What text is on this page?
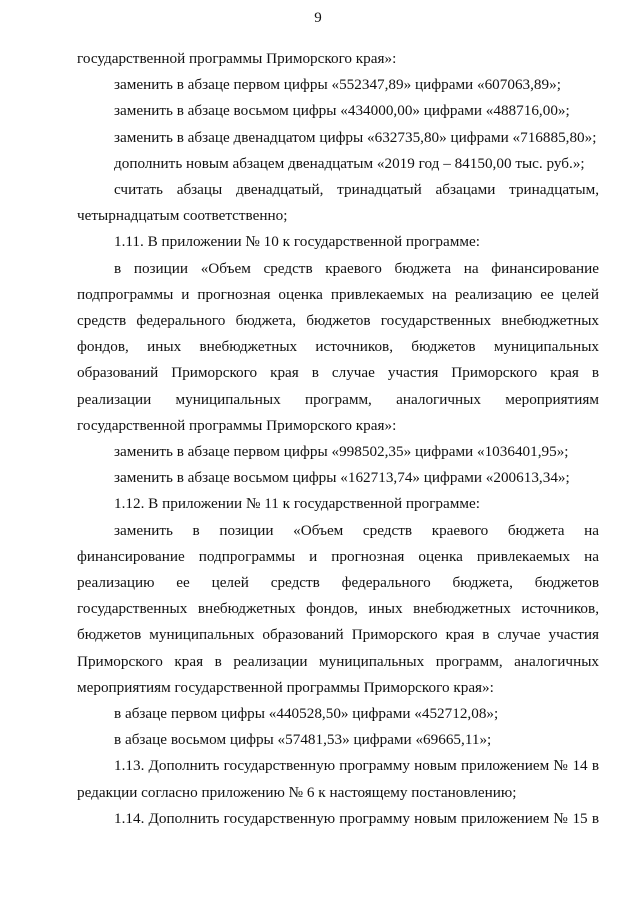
9

государственной программы Приморского края»:

заменить в абзаце первом цифры «552347,89» цифрами «607063,89»;

заменить в абзаце восьмом цифры «434000,00» цифрами «488716,00»;

заменить в абзаце двенадцатом цифры «632735,80» цифрами «716885,80»;

дополнить новым абзацем двенадцатым «2019 год – 84150,00 тыс. руб.»;

считать абзацы двенадцатый, тринадцатый абзацами тринадцатым, четырнадцатым соответственно;

1.11. В приложении № 10 к государственной программе:

в позиции «Объем средств краевого бюджета на финансирование подпрограммы и прогнозная оценка привлекаемых на реализацию ее целей средств федерального бюджета, бюджетов государственных внебюджетных фондов, иных внебюджетных источников, бюджетов муниципальных образований Приморского края в случае участия Приморского края в реализации муниципальных программ, аналогичных мероприятиям государственной программы Приморского края»:

заменить в абзаце первом цифры «998502,35» цифрами «1036401,95»;

заменить в абзаце восьмом цифры «162713,74» цифрами «200613,34»;

1.12. В приложении № 11 к государственной программе:

заменить в позиции «Объем средств краевого бюджета на финансирование подпрограммы и прогнозная оценка привлекаемых на реализацию ее целей средств федерального бюджета, бюджетов государственных внебюджетных фондов, иных внебюджетных источников, бюджетов муниципальных образований Приморского края в случае участия Приморского края в реализации муниципальных программ, аналогичных мероприятиям государственной программы Приморского края»:

в абзаце первом цифры «440528,50» цифрами «452712,08»;

в абзаце восьмом цифры «57481,53» цифрами «69665,11»;

1.13. Дополнить государственную программу новым приложением № 14 в редакции согласно приложению № 6 к настоящему постановлению;

1.14. Дополнить государственную программу новым приложением № 15 в
